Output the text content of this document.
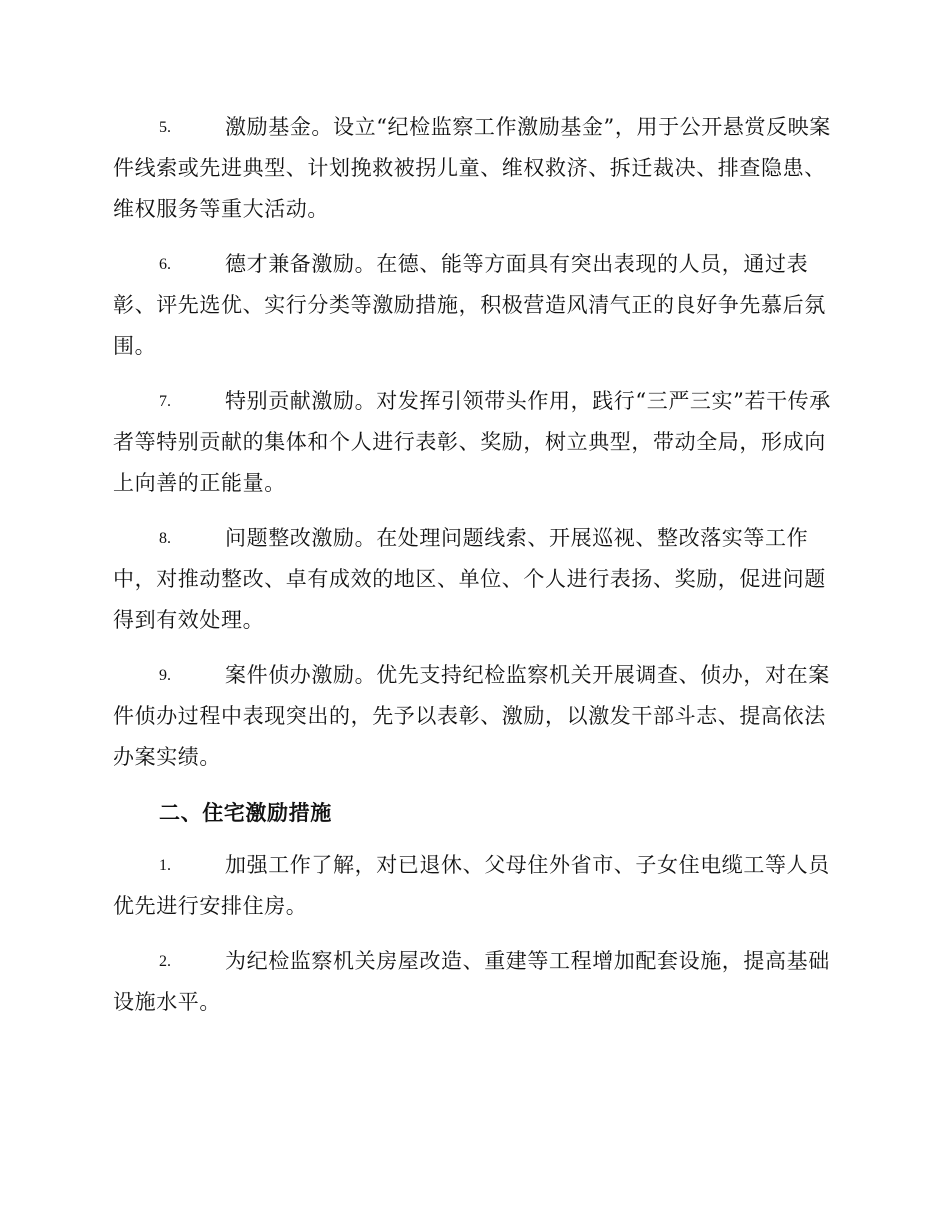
5.	激励基金。设立“纪检监察工作激励基金”，用于公开悬赏反映案件线索或先进典型、计划挽救被拐儿童、维权救济、拆迁裁决、排查隐患、维权服务等重大活动。

6.	德才兼备激励。在德、能等方面具有突出表现的人员，通过表彰、评先选优、实行分类等激励措施，积极营造风清气正的良好争先慕后氛围。

7.	特别贡献激励。对发挥引领带头作用，践行“三严三实”若干传承者等特别贡献的集体和个人进行表彰、奖励，树立典型，带动全局，形成向上向善的正能量。

8.	问题整改激励。在处理问题线索、开展巡视、整改落实等工作中，对推动整改、卓有成效的地区、单位、个人进行表扬、奖励，促进问题得到有效处理。

9.	案件侦办激励。优先支持纪检监察机关开展调查、侦办，对在案件侦办过程中表现突出的，先予以表彰、激励，以激发干部斗志、提高依法办案实绩。

二、住宅激励措施

1.	加强工作了解，对已退休、父母住外省市、子女住电缆工等人员优先进行安排住房。

2.	为纪检监察机关房屋改造、重建等工程增加配套设施，提高基础设施水平。
